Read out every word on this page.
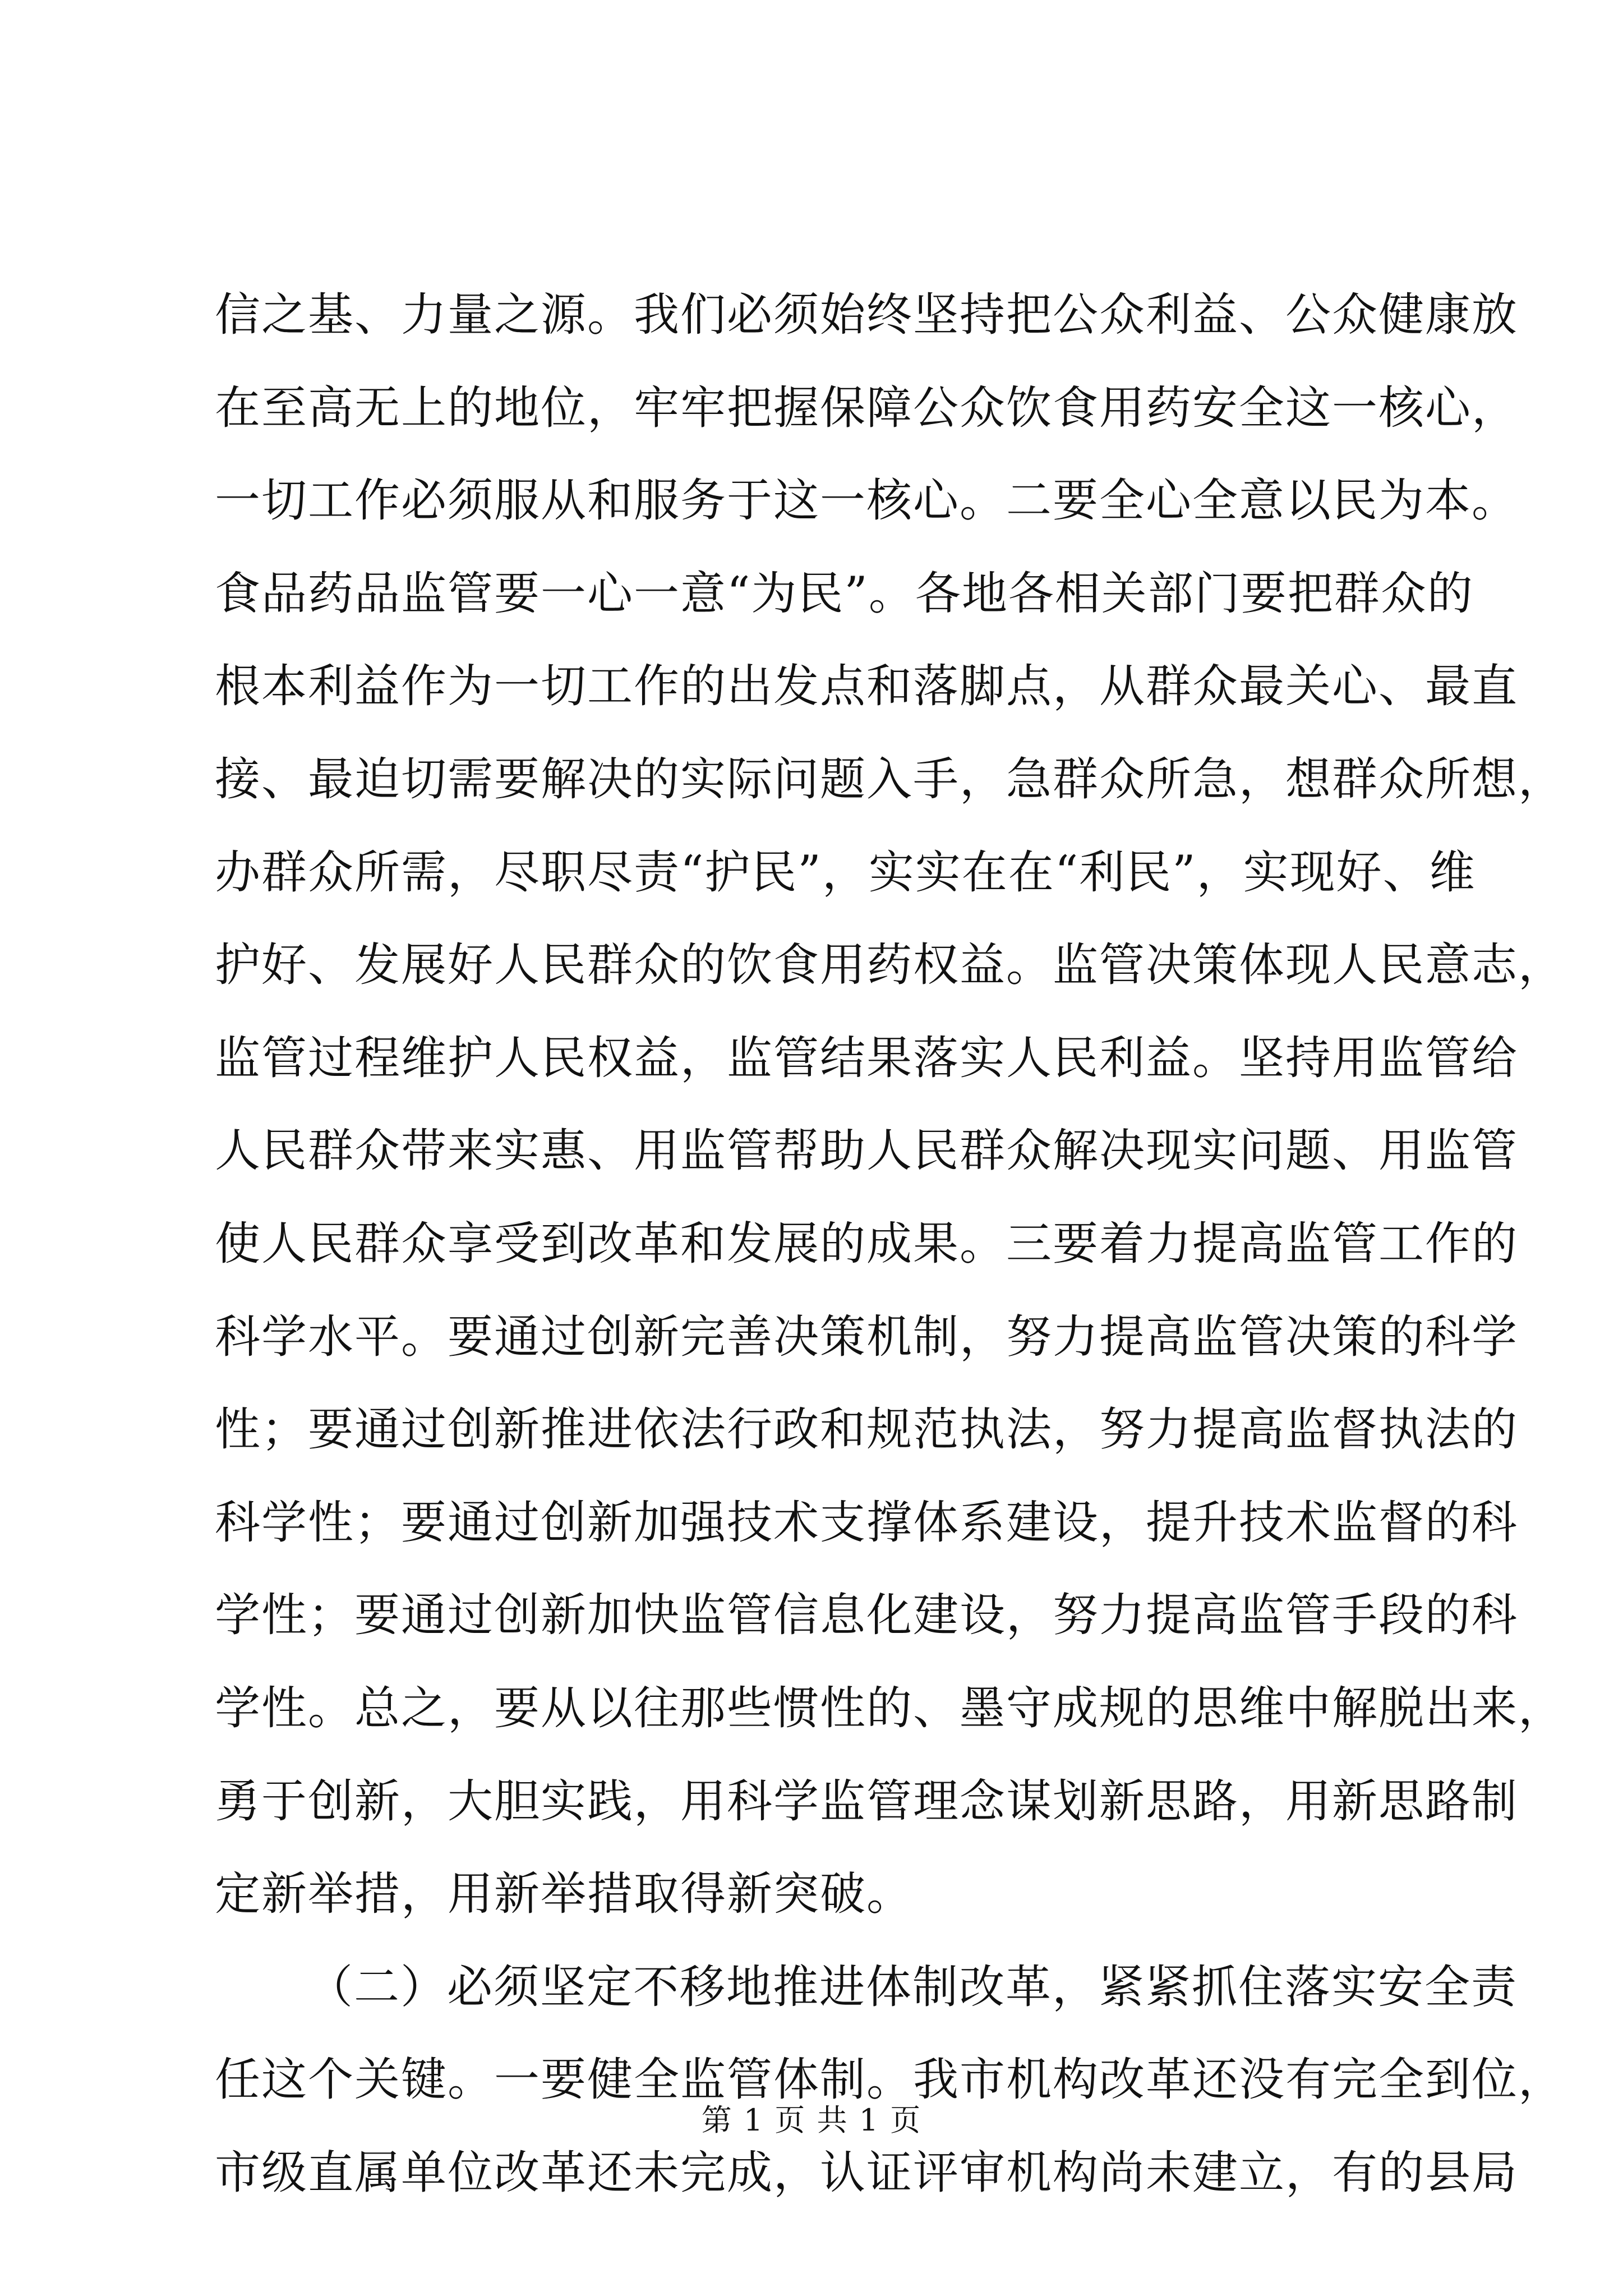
信之基、力量之源。我们必须始终坚持把公众利益、公众健康放
在至高无上的地位，牢牢把握保障公众饮食用药安全这一核心，
一切工作必须服从和服务于这一核心。二要全心全意以民为本。
食品药品监管要一心一意“为民”。各地各相关部门要把群众的
根本利益作为一切工作的出发点和落脚点，从群众最关心、最直
接、最迫切需要解决的实际问题入手，急群众所急，想群众所想，
办群众所需，尽职尽责“护民”，实实在在“利民”，实现好、维
护好、发展好人民群众的饮食用药权益。监管决策体现人民意志，
监管过程维护人民权益，监管结果落实人民利益。坚持用监管给
人民群众带来实惠、用监管帮助人民群众解决现实问题、用监管
使人民群众享受到改革和发展的成果。三要着力提高监管工作的
科学水平。要通过创新完善决策机制，努力提高监管决策的科学
性；要通过创新推进依法行政和规范执法，努力提高监督执法的
科学性；要通过创新加强技术支撑体系建设，提升技术监督的科
学性；要通过创新加快监管信息化建设，努力提高监管手段的科
学性。总之，要从以往那些惯性的、墨守成规的思维中解脱出来，
勇于创新，大胆实践，用科学监管理念谋划新思路，用新思路制
定新举措，用新举措取得新突破。
（二）必须坚定不移地推进体制改革，紧紧抓住落实安全责
任这个关键。一要健全监管体制。我市机构改革还没有完全到位，
市级直属单位改革还未完成，认证评审机构尚未建立，有的县局
第 1 页 共 1 页
